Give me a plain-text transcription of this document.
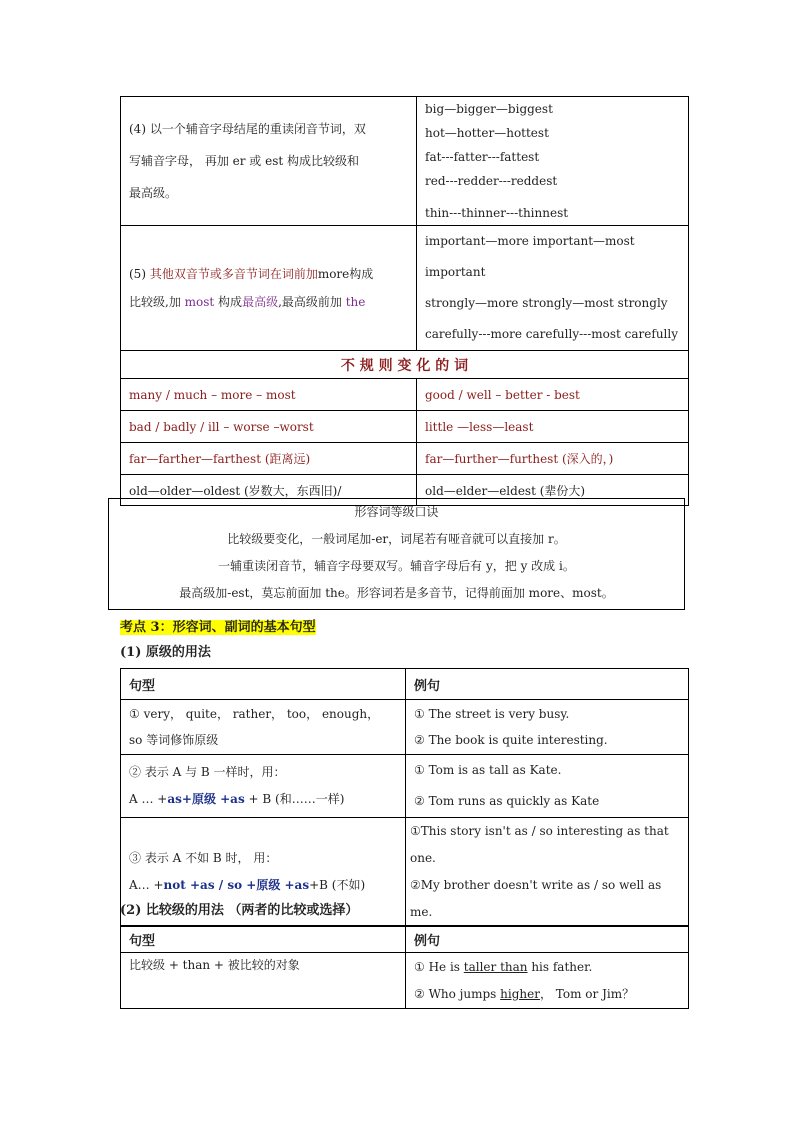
(4) 以一个辅音字母结尾的重读闭音节词，双
写辅音字母， 再加 er 或 est 构成比较级和
最高级。	big—bigger—biggest
hot—hotter—hottest
fat---fatter---fattest
red---redder---reddest
thin---thinner---thinnest

(5) 其他双音节或多音节词在词前加more构成
比较级,加 most 构成最高级,最高级前加 the	important—more important—most important
strongly—more strongly—most strongly
carefully---more carefully---most carefully

不 规 则 变 化 的 词	
many / much – more – most	good / well – better - best
bad / badly / ill – worse –worst	little —less—least
far—farther—farthest (距离远)	far—further—furthest (深入的，)
old—older—oldest (岁数大，东西旧)/	old—elder—eldest (辈份大)
形容词等级口诀
比较级要变化，一般词尾加-er，词尾若有哑音就可以直接加 r。
一辅重读闭音节，辅音字母要双写。辅音字母后有 y，把 y 改成 i。
最高级加-est，莫忘前面加 the。形容词若是多音节，记得前面加 more、most。
考点 3：形容词、副词的基本句型
(1) 原级的用法
句型	例句

① very， quite， rather， too， enough，
so 等词修饰原级	① The street is very busy.
② The book is quite interesting.

② 表示 A 与 B 一样时，用：
A … +as+原级 +as + B (和……一样)	① Tom is as tall as Kate.
② Tom runs as quickly as Kate

③ 表示 A 不如 B 时， 用：
A… +not +as / so +原级 +as+B (不如)	①This story isn't as / so interesting as that one.
②My brother doesn't write as / so well as me.
(2) 比较级的用法 （两者的比较或选择）
句型	例句
比较级 + than + 被比较的对象	① He is taller than his father.
② Who jumps higher， Tom or Jim？
